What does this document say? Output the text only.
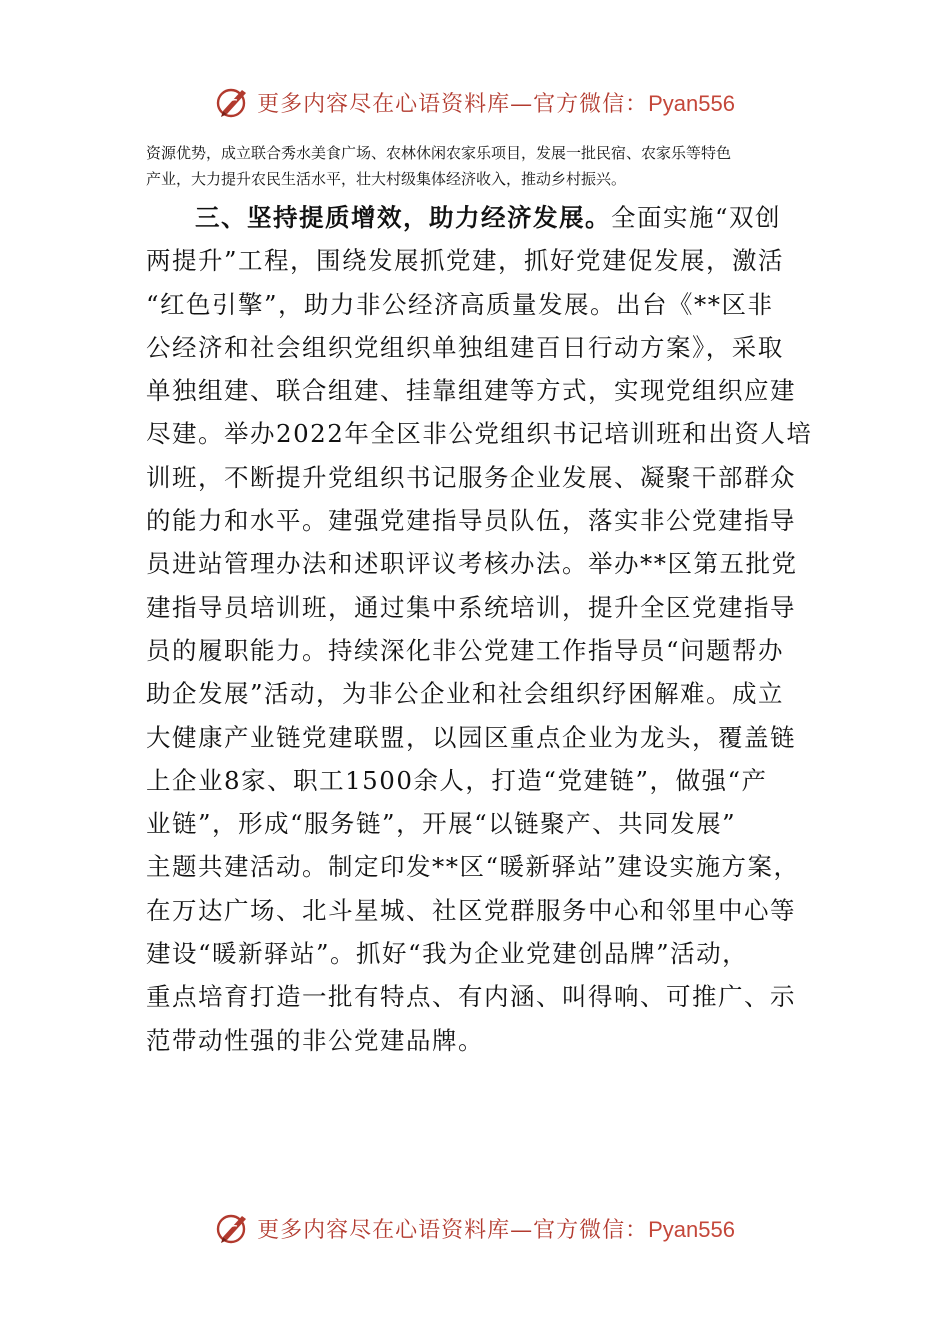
更多内容尽在心语资料库—官方微信：Pyan556
资源优势，成立联合秀水美食广场、农林休闲农家乐项目，发展一批民宿、农家乐等特色
产业，大力提升农民生活水平，壮大村级集体经济收入，推动乡村振兴。
三、坚持提质增效，助力经济发展。全面实施“双创
两提升”工程，围绕发展抓党建，抓好党建促发展，激活
“红色引擎”，助力非公经济高质量发展。出台《**区非
公经济和社会组织党组织单独组建百日行动方案》，采取
单独组建、联合组建、挂靠组建等方式，实现党组织应建
尽建。举办2022年全区非公党组织书记培训班和出资人培
训班，不断提升党组织书记服务企业发展、凝聚干部群众
的能力和水平。建强党建指导员队伍，落实非公党建指导
员进站管理办法和述职评议考核办法。举办**区第五批党
建指导员培训班，通过集中系统培训，提升全区党建指导
员的履职能力。持续深化非公党建工作指导员“问题帮办
助企发展”活动，为非公企业和社会组织纾困解难。成立
大健康产业链党建联盟，以园区重点企业为龙头，覆盖链
上企业8家、职工1500余人，打造“党建链”，做强“产
业链”，形成“服务链”，开展“以链聚产、共同发展”
主题共建活动。制定印发**区“暖新驿站”建设实施方案，
在万达广场、北斗星城、社区党群服务中心和邻里中心等
建设“暖新驿站”。抓好“我为企业党建创品牌”活动，
重点培育打造一批有特点、有内涵、叫得响、可推广、示
范带动性强的非公党建品牌。
更多内容尽在心语资料库—官方微信：Pyan556
